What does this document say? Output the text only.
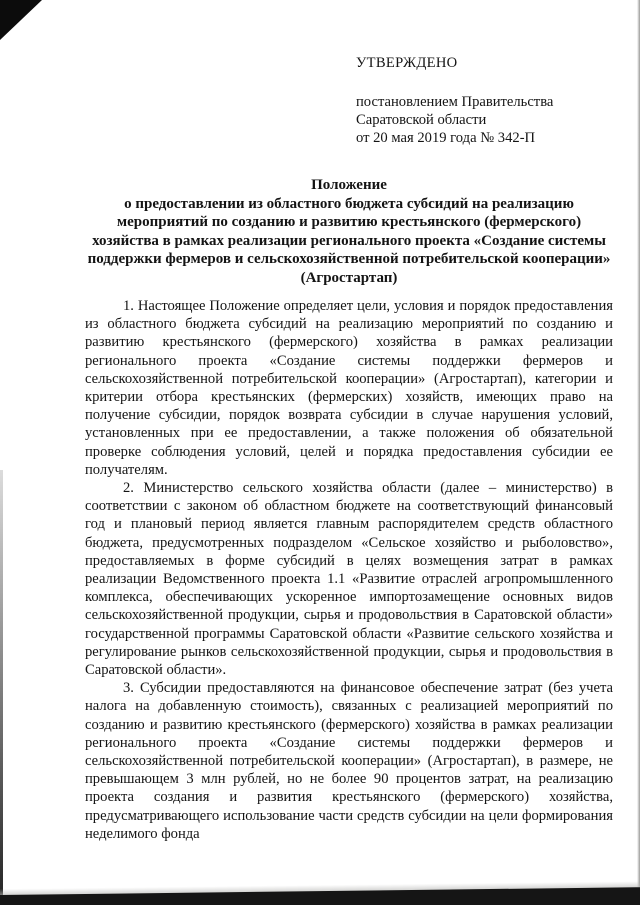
УТВЕРЖДЕНО
постановлением Правительства
Саратовской области
от 20 мая 2019 года № 342-П
Положение
о предоставлении из областного бюджета субсидий на реализацию мероприятий по созданию и развитию крестьянского (фермерского) хозяйства в рамках реализации регионального проекта «Создание системы поддержки фермеров и сельскохозяйственной потребительской кооперации» (Агростартап)

1. Настоящее Положение определяет цели, условия и порядок предоставления из областного бюджета субсидий на реализацию мероприятий по созданию и развитию крестьянского (фермерского) хозяйства в рамках реализации регионального проекта «Создание системы поддержки фермеров и сельскохозяйственной потребительской кооперации» (Агростартап), категории и критерии отбора крестьянских (фермерских) хозяйств, имеющих право на получение субсидии, порядок возврата субсидии в случае нарушения условий, установленных при ее предоставлении, а также положения об обязательной проверке соблюдения условий, целей и порядка предоставления субсидии ее получателям.

2. Министерство сельского хозяйства области (далее – министерство) в соответствии с законом об областном бюджете на соответствующий финансовый год и плановый период является главным распорядителем средств областного бюджета, предусмотренных подразделом «Сельское хозяйство и рыболовство», предоставляемых в форме субсидий в целях возмещения затрат в рамках реализации Ведомственного проекта 1.1 «Развитие отраслей агропромышленного комплекса, обеспечивающих ускоренное импортозамещение основных видов сельскохозяйственной продукции, сырья и продовольствия в Саратовской области» государственной программы Саратовской области «Развитие сельского хозяйства и регулирование рынков сельскохозяйственной продукции, сырья и продовольствия в Саратовской области».

3. Субсидии предоставляются на финансовое обеспечение затрат (без учета налога на добавленную стоимость), связанных с реализацией мероприятий по созданию и развитию крестьянского (фермерского) хозяйства в рамках реализации регионального проекта «Создание системы поддержки фермеров и сельскохозяйственной потребительской кооперации» (Агростартап), в размере, не превышающем 3 млн рублей, но не более 90 процентов затрат, на реализацию проекта создания и развития крестьянского (фермерского) хозяйства, предусматривающего использование части средств субсидии на цели формирования неделимого фонда
